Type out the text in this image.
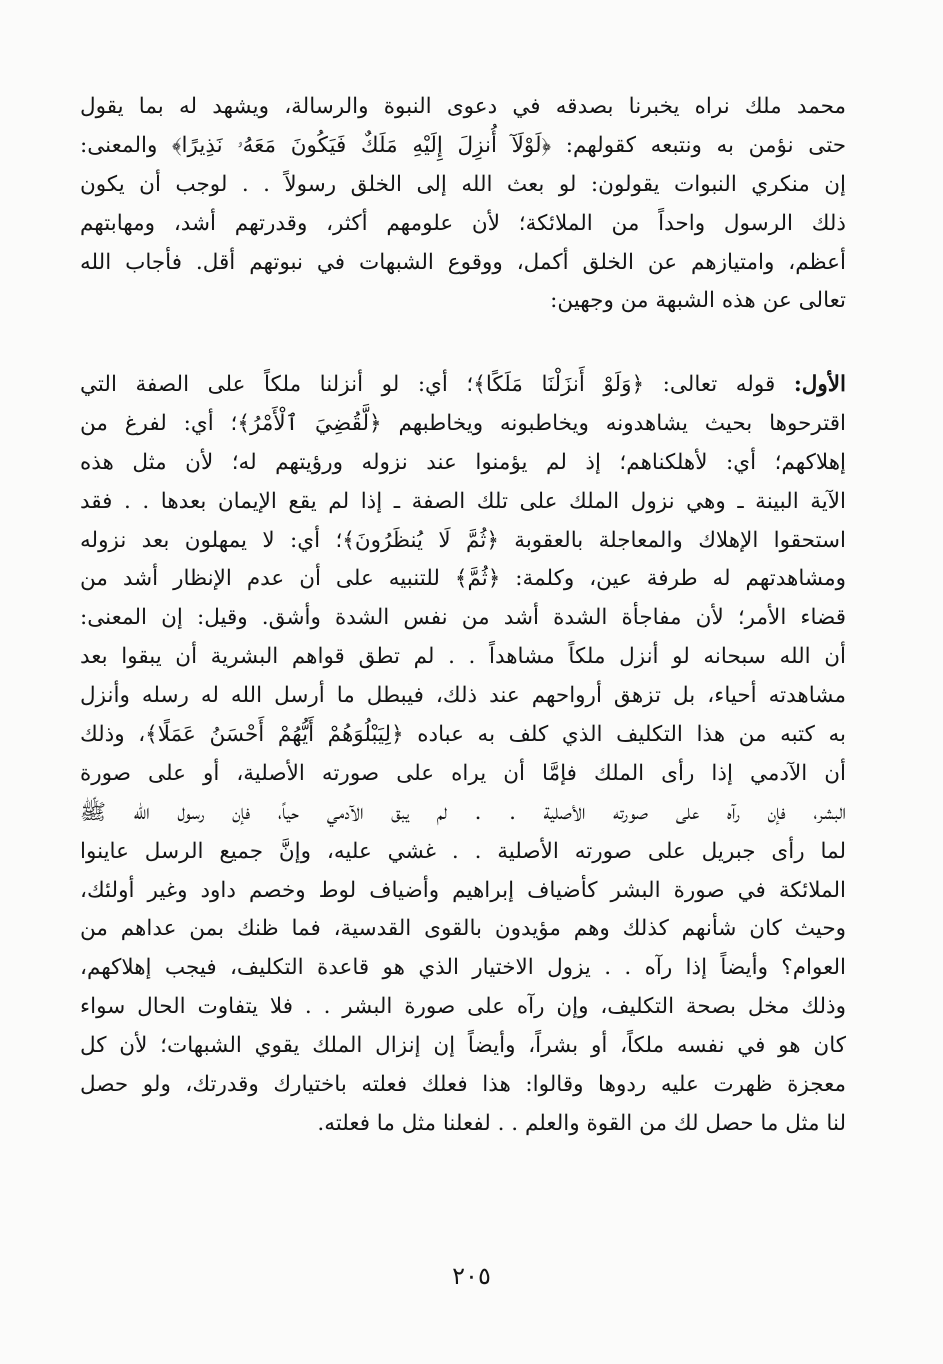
محمد ملك نراه يخبرنا بصدقه في دعوى النبوة والرسالة، ويشهد له بما يقول
حتى نؤمن به ونتبعه كقولهم: ﴿لَوْلَآ أُنزِلَ إِلَيْهِ مَلَكٌ فَيَكُونَ مَعَهُۥ نَذِيرًا﴾ والمعنى:
إن منكري النبوات يقولون: لو بعث الله إلى الخلق رسولاً . . لوجب أن يكون
ذلك الرسول واحداً من الملائكة؛ لأن علومهم أكثر، وقدرتهم أشد، ومهابتهم
أعظم، وامتيازهم عن الخلق أكمل، ووقوع الشبهات في نبوتهم أقل. فأجاب الله
تعالى عن هذه الشبهة من وجهين:
الأول: قوله تعالى: ﴿وَلَوْ أَنزَلْنَا مَلَكًا﴾؛ أي: لو أنزلنا ملكاً على الصفة التي
اقترحوها بحيث يشاهدونه ويخاطبونه ويخاطبهم ﴿لَّقُضِيَ ٱلْأَمْرُ﴾؛ أي: لفرغ من
إهلاكهم؛ أي: لأهلكناهم؛ إذ لم يؤمنوا عند نزوله ورؤيتهم له؛ لأن مثل هذه
الآية البينة ـ وهي نزول الملك على تلك الصفة ـ إذا لم يقع الإيمان بعدها . . فقد
استحقوا الإهلاك والمعاجلة بالعقوبة ﴿ثُمَّ لَا يُنظَرُونَ﴾؛ أي: لا يمهلون بعد نزوله
ومشاهدتهم له طرفة عين، وكلمة: ﴿ثُمَّ﴾ للتنبيه على أن عدم الإنظار أشد من
قضاء الأمر؛ لأن مفاجأة الشدة أشد من نفس الشدة وأشق. وقيل: إن المعنى:
أن الله سبحانه لو أنزل ملكاً مشاهداً . . لم تطق قواهم البشرية أن يبقوا بعد
مشاهدته أحياء، بل تزهق أرواحهم عند ذلك، فيبطل ما أرسل الله له رسله وأنزل
به كتبه من هذا التكليف الذي كلف به عباده ﴿لِيَبْلُوَهُمْ أَيُّهُمْ أَحْسَنُ عَمَلًا﴾، وذلك
أن الآدمي إذا رأى الملك فإمَّا أن يراه على صورته الأصلية، أو على صورة
البشر، فإن رآه على صورته الأصلية . . لم يبق الآدمي حياً، فإن رسول الله ﷺ
لما رأى جبريل على صورته الأصلية . . غشي عليه، وإنَّ جميع الرسل عاينوا
الملائكة في صورة البشر كأضياف إبراهيم وأضياف لوط وخصم داود وغير أولئك،
وحيث كان شأنهم كذلك وهم مؤيدون بالقوى القدسية، فما ظنك بمن عداهم من
العوام؟ وأيضاً إذا رآه . . يزول الاختيار الذي هو قاعدة التكليف، فيجب إهلاكهم،
وذلك مخل بصحة التكليف، وإن رآه على صورة البشر . . فلا يتفاوت الحال سواء
كان هو في نفسه ملكاً، أو بشراً، وأيضاً إن إنزال الملك يقوي الشبهات؛ لأن كل
معجزة ظهرت عليه ردوها وقالوا: هذا فعلك فعلته باختيارك وقدرتك، ولو حصل
لنا مثل ما حصل لك من القوة والعلم . . لفعلنا مثل ما فعلته.
٢٠٥
